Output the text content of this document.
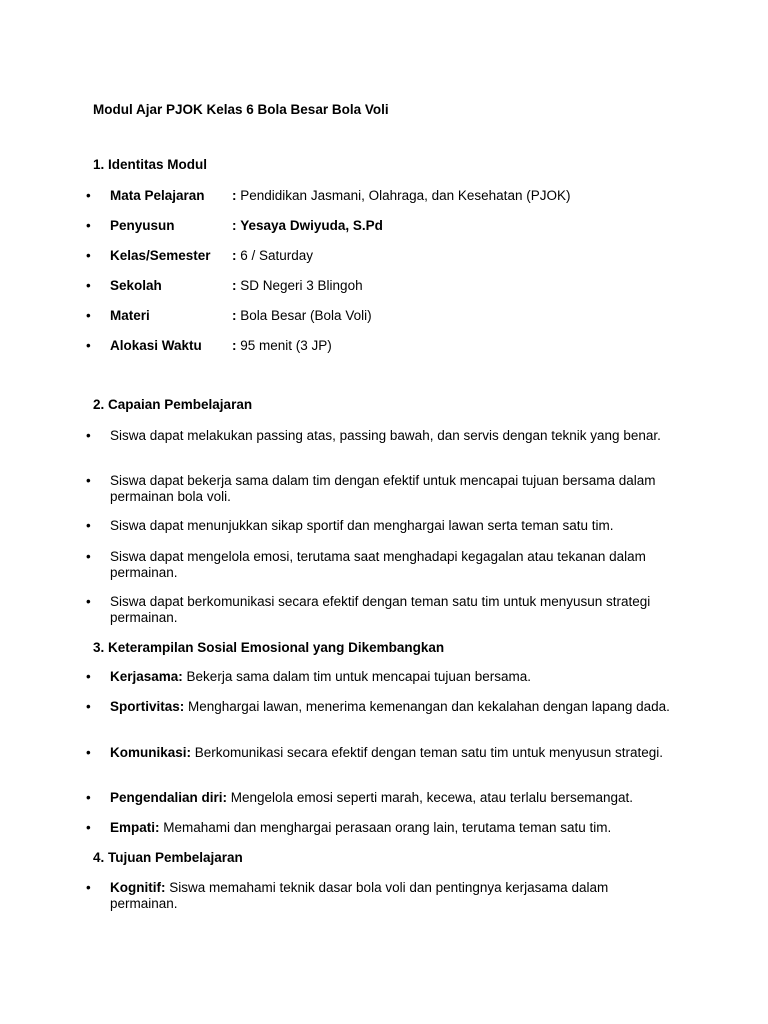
Modul Ajar PJOK Kelas 6 Bola Besar Bola Voli
1. Identitas Modul
• Mata Pelajaran : Pendidikan Jasmani, Olahraga, dan Kesehatan (PJOK)
• Penyusun	: Yesaya Dwiyuda, S.Pd
• Kelas/Semester : 6 / Saturday
• Sekolah	: SD Negeri 3 Blingoh
• Materi	: Bola Besar (Bola Voli)
• Alokasi Waktu : 95 menit (3 JP)
2. Capaian Pembelajaran
• Siswa dapat melakukan passing atas, passing bawah, dan servis dengan teknik yang benar.
• Siswa dapat bekerja sama dalam tim dengan efektif untuk mencapai tujuan bersama dalam permainan bola voli.
• Siswa dapat menunjukkan sikap sportif dan menghargai lawan serta teman satu tim.
• Siswa dapat mengelola emosi, terutama saat menghadapi kegagalan atau tekanan dalam permainan.
• Siswa dapat berkomunikasi secara efektif dengan teman satu tim untuk menyusun strategi permainan.
3. Keterampilan Sosial Emosional yang Dikembangkan
• Kerjasama: Bekerja sama dalam tim untuk mencapai tujuan bersama.
• Sportivitas: Menghargai lawan, menerima kemenangan dan kekalahan dengan lapang dada.
• Komunikasi: Berkomunikasi secara efektif dengan teman satu tim untuk menyusun strategi.
• Pengendalian diri: Mengelola emosi seperti marah, kecewa, atau terlalu bersemangat.
• Empati: Memahami dan menghargai perasaan orang lain, terutama teman satu tim.
4. Tujuan Pembelajaran
• Kognitif: Siswa memahami teknik dasar bola voli dan pentingnya kerjasama dalam permainan.
